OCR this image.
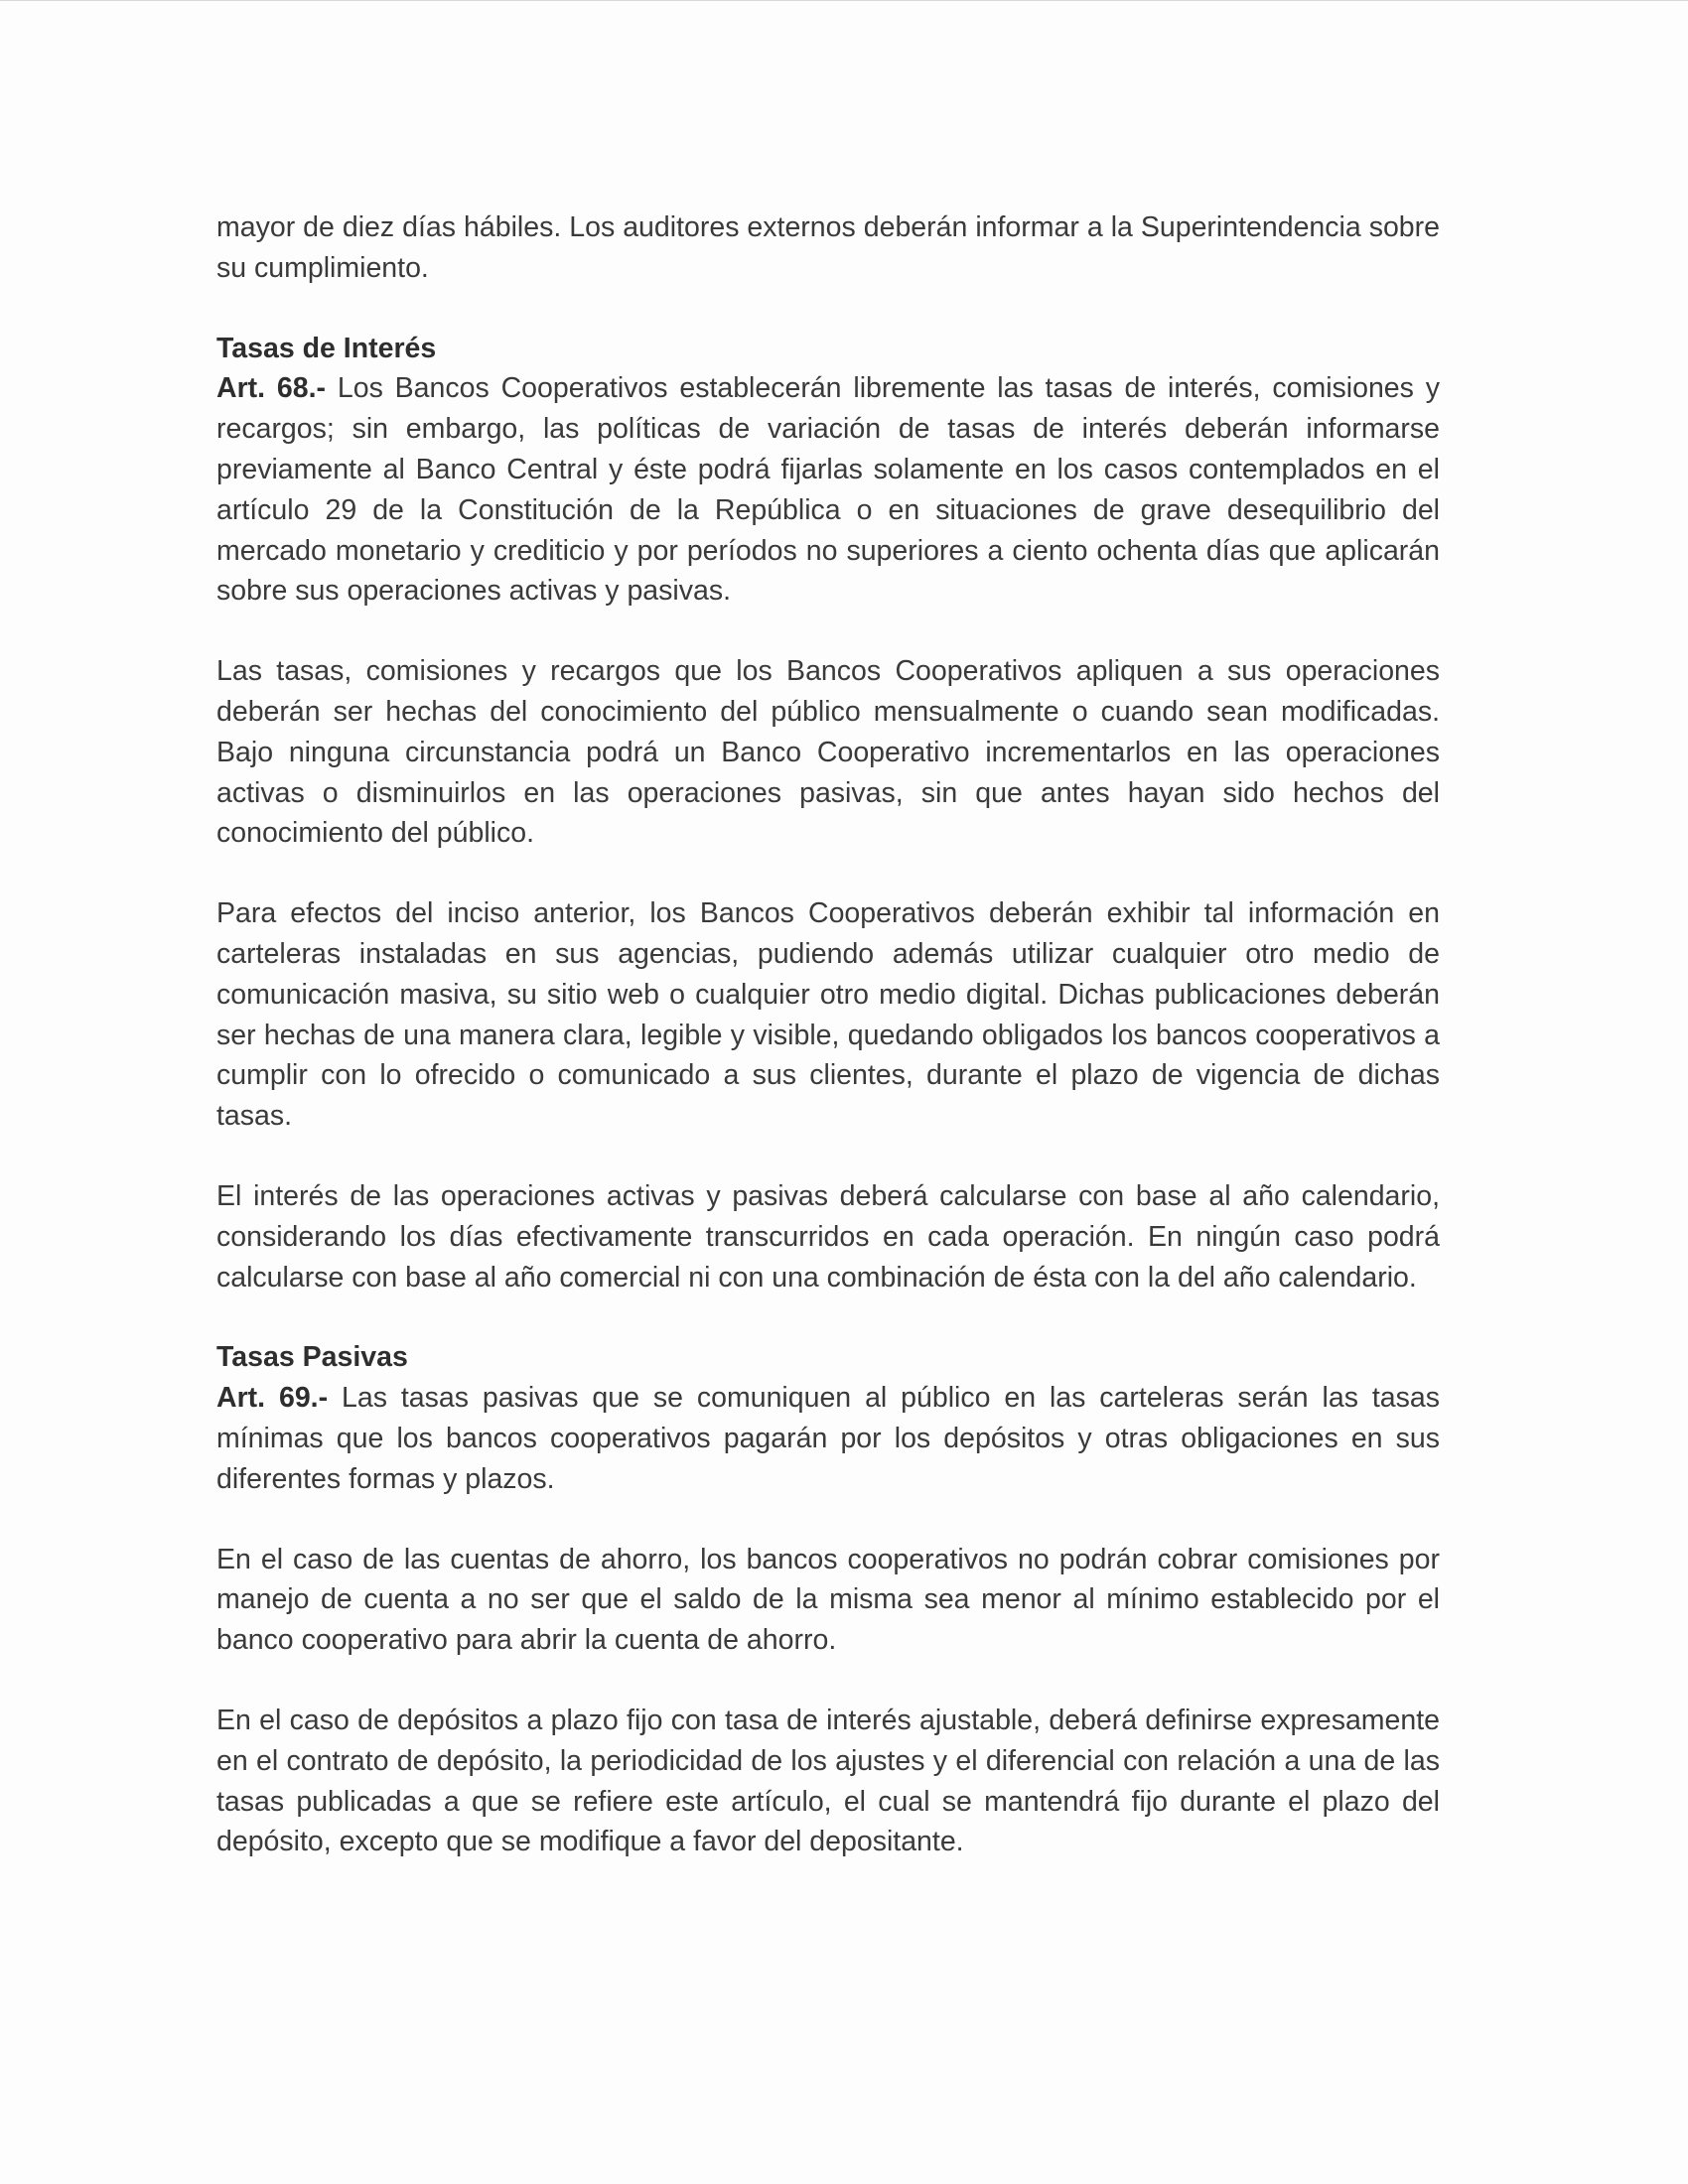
mayor de diez días hábiles. Los auditores externos deberán informar a la Superintendencia sobre su cumplimiento.

Tasas de Interés

Art. 68.- Los Bancos Cooperativos establecerán libremente las tasas de interés, comisiones y recargos; sin embargo, las políticas de variación de tasas de interés deberán informarse previamente al Banco Central y éste podrá fijarlas solamente en los casos contemplados en el artículo 29 de la Constitución de la República o en situaciones de grave desequilibrio del mercado monetario y crediticio y por períodos no superiores a ciento ochenta días que aplicarán sobre sus operaciones activas y pasivas.

Las tasas, comisiones y recargos que los Bancos Cooperativos apliquen a sus operaciones deberán ser hechas del conocimiento del público mensualmente o cuando sean modificadas. Bajo ninguna circunstancia podrá un Banco Cooperativo incrementarlos en las operaciones activas o disminuirlos en las operaciones pasivas, sin que antes hayan sido hechos del conocimiento del público.

Para efectos del inciso anterior, los Bancos Cooperativos deberán exhibir tal información en carteleras instaladas en sus agencias, pudiendo además utilizar cualquier otro medio de comunicación masiva, su sitio web o cualquier otro medio digital. Dichas publicaciones deberán ser hechas de una manera clara, legible y visible, quedando obligados los bancos cooperativos a cumplir con lo ofrecido o comunicado a sus clientes, durante el plazo de vigencia de dichas tasas.

El interés de las operaciones activas y pasivas deberá calcularse con base al año calendario, considerando los días efectivamente transcurridos en cada operación. En ningún caso podrá calcularse con base al año comercial ni con una combinación de ésta con la del año calendario.

Tasas Pasivas

Art. 69.- Las tasas pasivas que se comuniquen al público en las carteleras serán las tasas mínimas que los bancos cooperativos pagarán por los depósitos y otras obligaciones en sus diferentes formas y plazos.

En el caso de las cuentas de ahorro, los bancos cooperativos no podrán cobrar comisiones por manejo de cuenta a no ser que el saldo de la misma sea menor al mínimo establecido por el banco cooperativo para abrir la cuenta de ahorro.

En el caso de depósitos a plazo fijo con tasa de interés ajustable, deberá definirse expresamente en el contrato de depósito, la periodicidad de los ajustes y el diferencial con relación a una de las tasas publicadas a que se refiere este artículo, el cual se mantendrá fijo durante el plazo del depósito, excepto que se modifique a favor del depositante.
